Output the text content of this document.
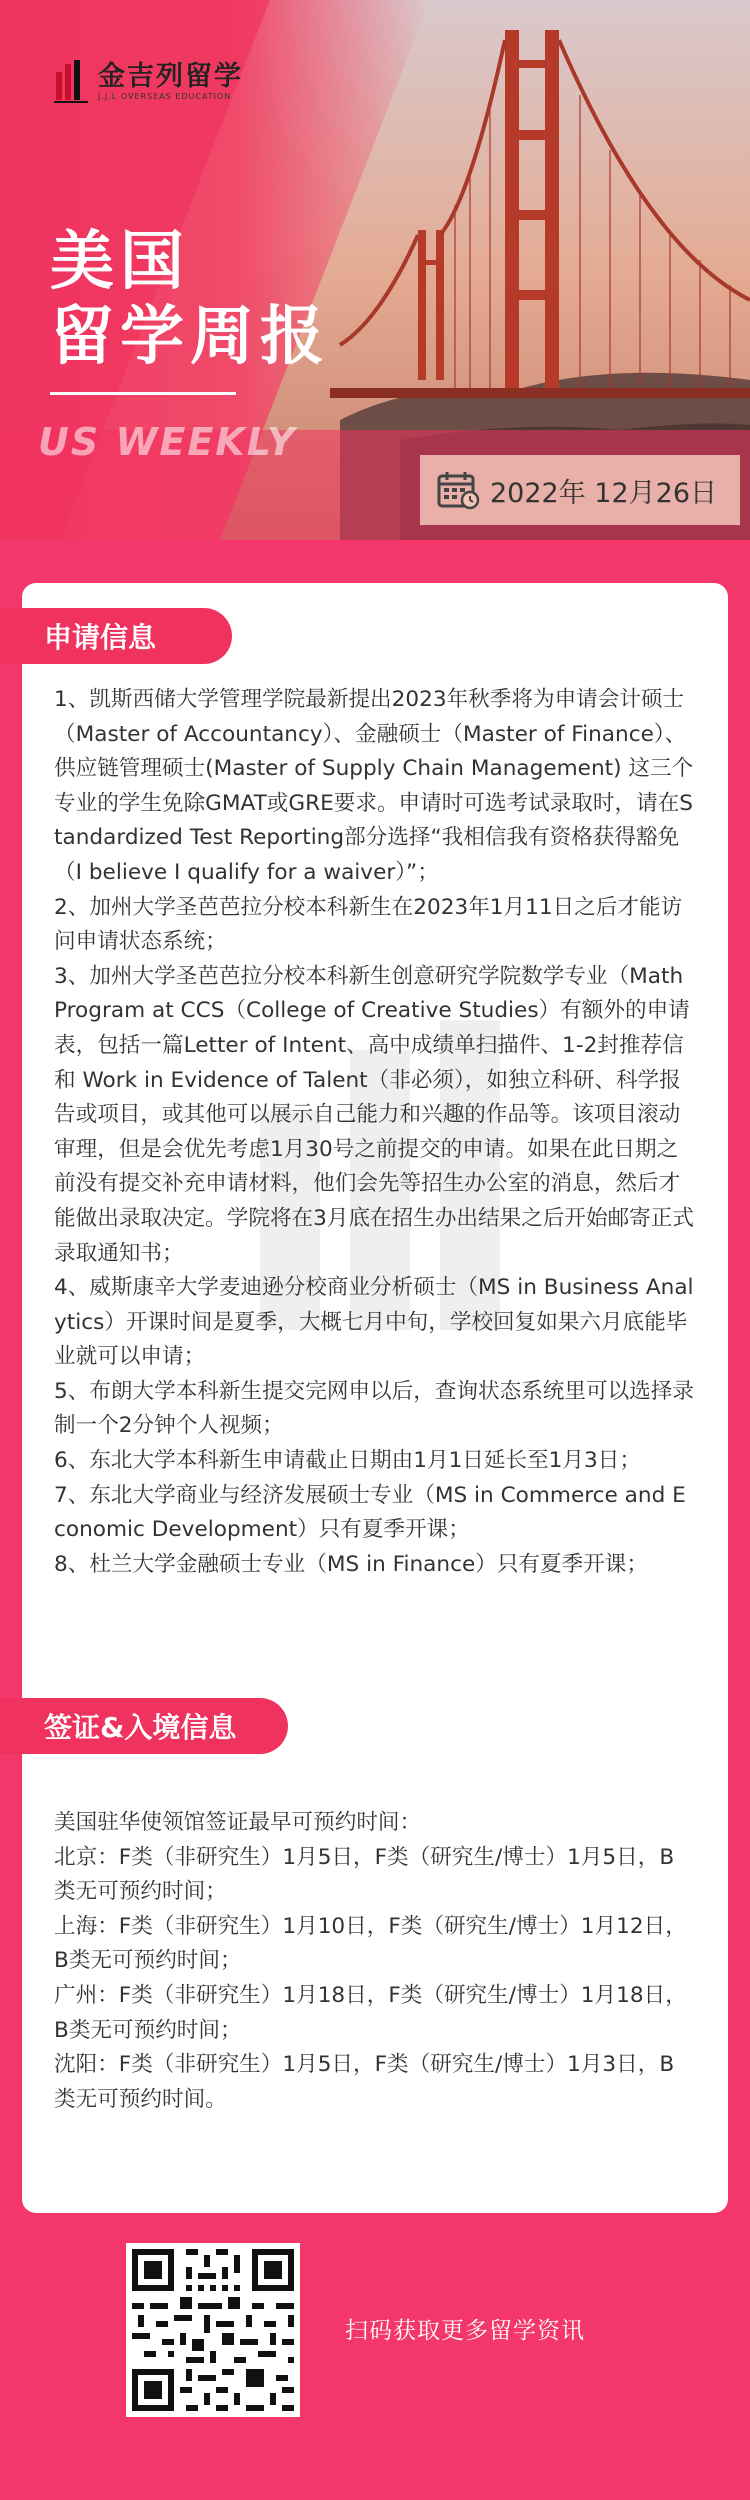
金吉列留学
J.J.L OVERSEAS EDUCATION
美国
留学周报
US WEEKLY
2022年 12月26日
申请信息

1、凯斯西储大学管理学院最新提出2023年秋季将为申请会计硕士（Master of Accountancy）、金融硕士（Master of Finance）、供应链管理硕士(Master of Supply Chain Management) 这三个专业的学生免除GMAT或GRE要求。申请时可选考试录取时，请在Standardized Test Reporting部分选择“我相信我有资格获得豁免（I believe I qualify for a waiver）”；

2、加州大学圣芭芭拉分校本科新生在2023年1月11日之后才能访问申请状态系统；

3、加州大学圣芭芭拉分校本科新生创意研究学院数学专业（Math Program at CCS（College of Creative Studies）有额外的申请表，包括一篇Letter of Intent、高中成绩单扫描件、1-2封推荐信和 Work in Evidence of Talent（非必须），如独立科研、科学报告或项目，或其他可以展示自己能力和兴趣的作品等。该项目滚动审理，但是会优先考虑1月30号之前提交的申请。如果在此日期之前没有提交补充申请材料，他们会先等招生办公室的消息，然后才能做出录取决定。学院将在3月底在招生办出结果之后开始邮寄正式录取通知书；

4、威斯康辛大学麦迪逊分校商业分析硕士（MS in Business Analytics）开课时间是夏季，大概七月中旬，学校回复如果六月底能毕业就可以申请；

5、布朗大学本科新生提交完网申以后，查询状态系统里可以选择录制一个2分钟个人视频；

6、东北大学本科新生申请截止日期由1月1日延长至1月3日；

7、东北大学商业与经济发展硕士专业（MS in Commerce and Economic Development）只有夏季开课；

8、杜兰大学金融硕士专业（MS in Finance）只有夏季开课；

签证&入境信息

美国驻华使领馆签证最早可预约时间：

北京：F类（非研究生）1月5日，F类（研究生/博士）1月5日，B类无可预约时间；

上海：F类（非研究生）1月10日，F类（研究生/博士）1月12日，B类无可预约时间；

广州：F类（非研究生）1月18日，F类（研究生/博士）1月18日，B类无可预约时间；

沈阳：F类（非研究生）1月5日，F类（研究生/博士）1月3日，B类无可预约时间。

扫码获取更多留学资讯
